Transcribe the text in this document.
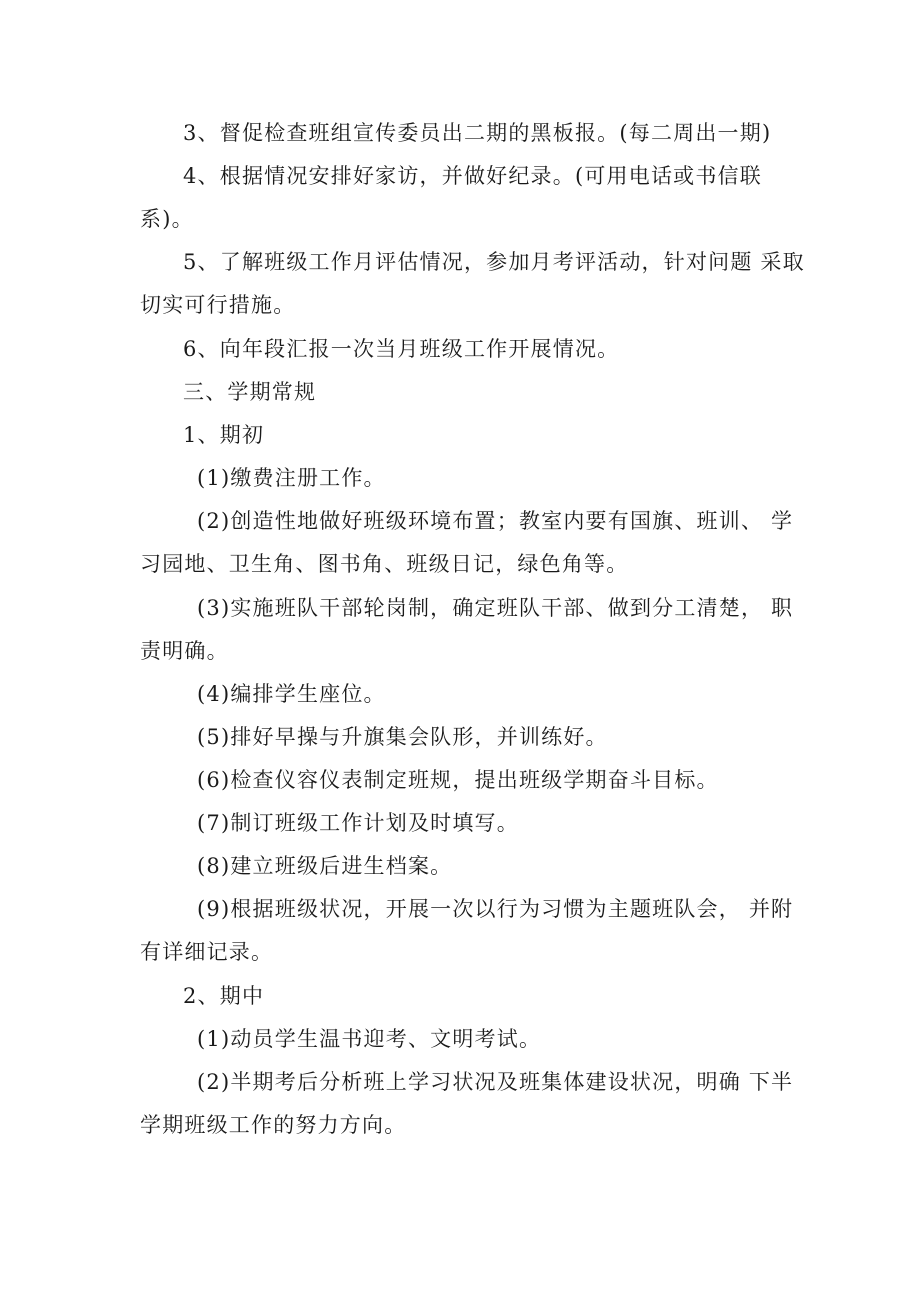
3、督促检查班组宣传委员出二期的黑板报。(每二周出一期)
4、根据情况安排好家访，并做好纪录。(可用电话或书信联
系)。
5、了解班级工作月评估情况，参加月考评活动，针对问题 采取
切实可行措施。
6、向年段汇报一次当月班级工作开展情况。
三、学期常规
1、期初
(1)缴费注册工作。
(2)创造性地做好班级环境布置；教室内要有国旗、班训、 学
习园地、卫生角、图书角、班级日记，绿色角等。
(3)实施班队干部轮岗制，确定班队干部、做到分工清楚， 职
责明确。
(4)编排学生座位。
(5)排好早操与升旗集会队形，并训练好。
(6)检查仪容仪表制定班规，提出班级学期奋斗目标。
(7)制订班级工作计划及时填写。
(8)建立班级后进生档案。
(9)根据班级状况，开展一次以行为习惯为主题班队会， 并附
有详细记录。
2、期中
(1)动员学生温书迎考、文明考试。
(2)半期考后分析班上学习状况及班集体建设状况，明确 下半
学期班级工作的努力方向。
